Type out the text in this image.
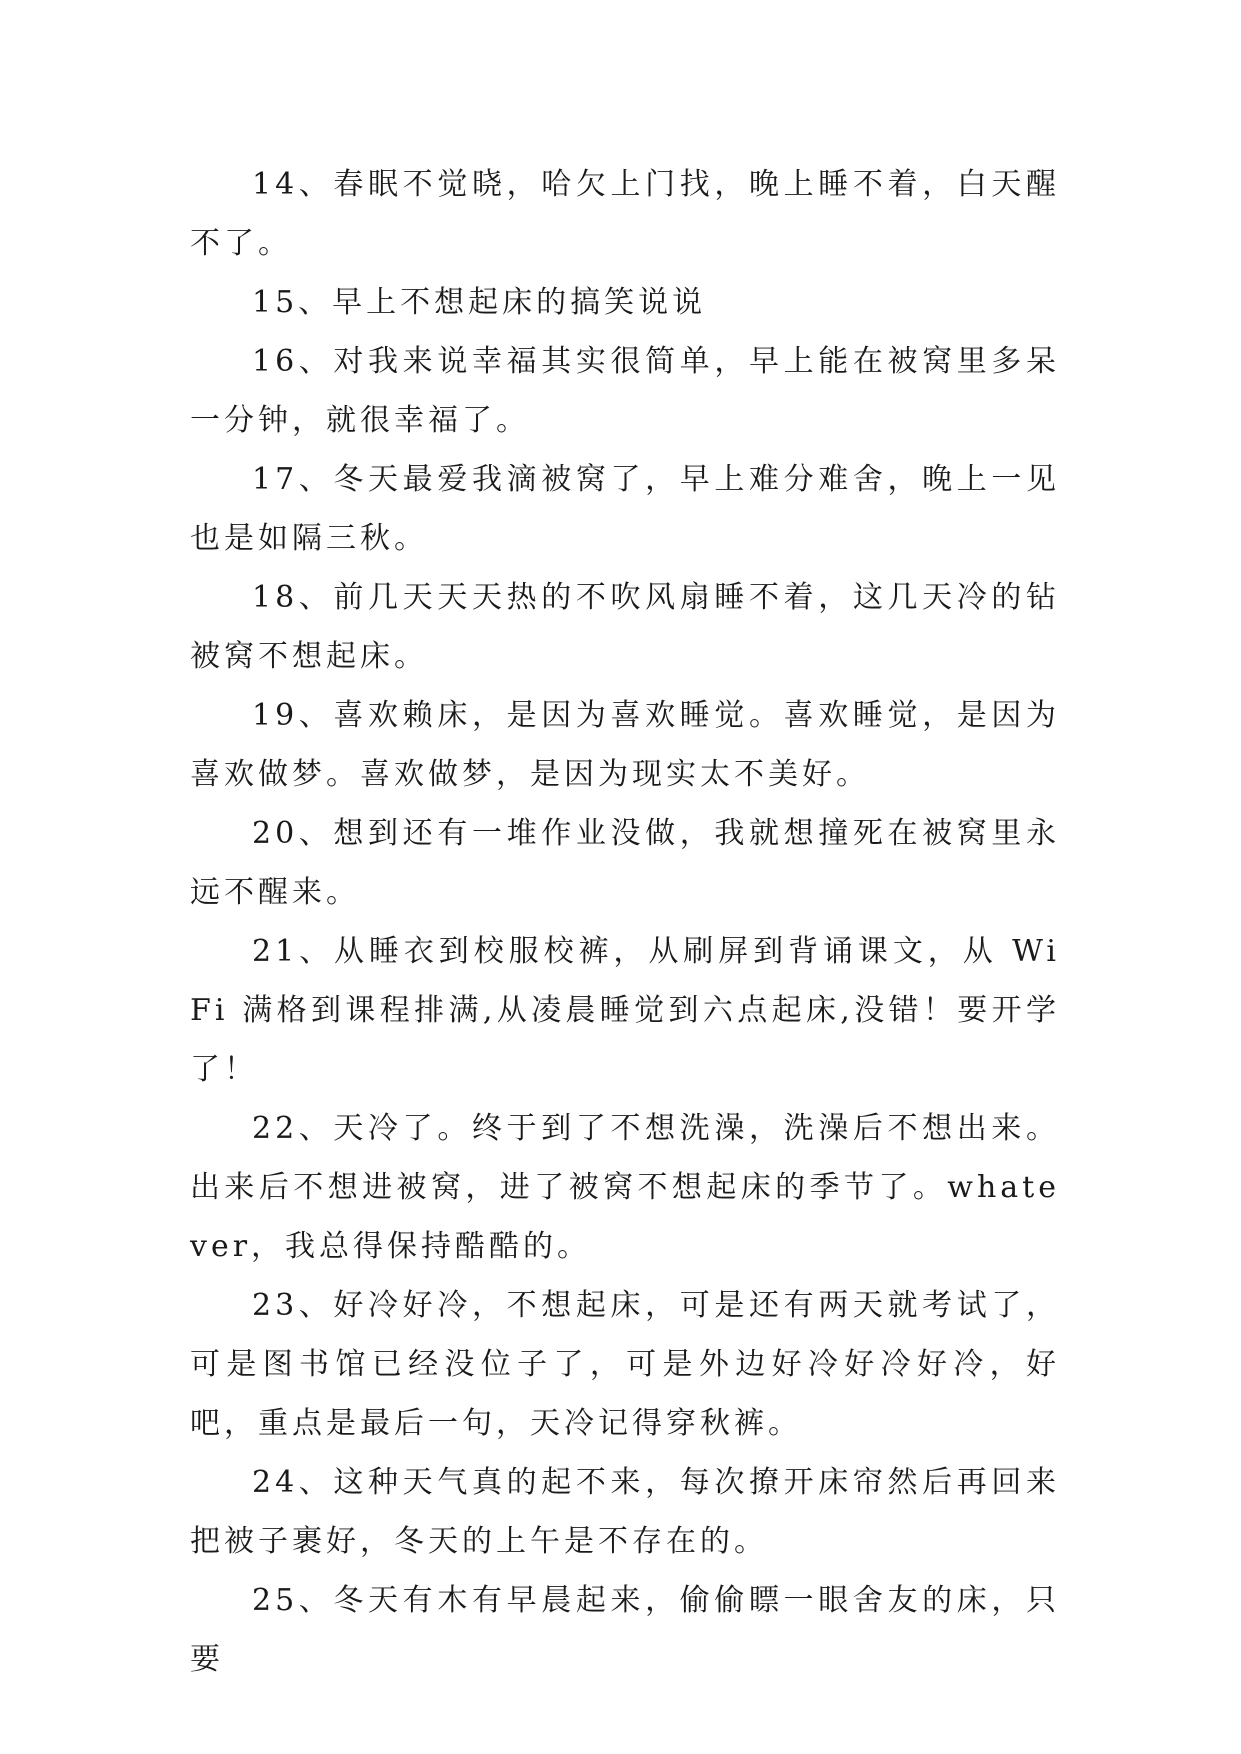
14、春眠不觉晓，哈欠上门找，晚上睡不着，白天醒不了。

15、早上不想起床的搞笑说说

16、对我来说幸福其实很简单，早上能在被窝里多呆一分钟，就很幸福了。

17、冬天最爱我滴被窝了，早上难分难舍，晚上一见也是如隔三秋。

18、前几天天天热的不吹风扇睡不着，这几天冷的钻被窝不想起床。

19、喜欢赖床，是因为喜欢睡觉。喜欢睡觉，是因为喜欢做梦。喜欢做梦，是因为现实太不美好。

20、想到还有一堆作业没做，我就想撞死在被窝里永远不醒来。

21、从睡衣到校服校裤，从刷屏到背诵课文，从 WiFi 满格到课程排满,从凌晨睡觉到六点起床,没错！要开学了！

22、天冷了。终于到了不想洗澡，洗澡后不想出来。出来后不想进被窝，进了被窝不想起床的季节了。whatever，我总得保持酷酷的。

23、好冷好冷，不想起床，可是还有两天就考试了，可是图书馆已经没位子了，可是外边好冷好冷好冷，好吧，重点是最后一句，天冷记得穿秋裤。

24、这种天气真的起不来，每次撩开床帘然后再回来把被子裹好，冬天的上午是不存在的。

25、冬天有木有早晨起来，偷偷瞟一眼舍友的床，只要
